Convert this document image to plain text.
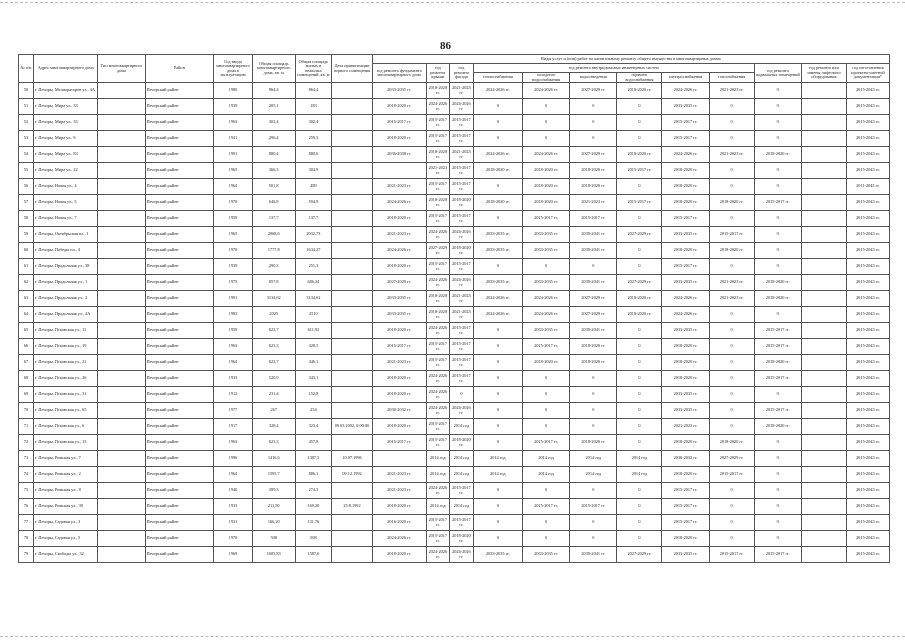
86
№ п/п	Адрес многоквартирного дома	Тип многоквартирного дома	Район	Год ввода многоквартирного дома в эксплуатацию	Общая площадь многоквартирного дома, кв. м	Общая площадь жилых и нежилых помещений, кв. м	Дата приватизации первого помещения	Виды услуг и (или) работ по капитальному ремонту общего имущества в многоквартирных домах											
								год ремонта фундамента многоквартирного дома	год ремонта крыши	год ремонта фасада	год ремонта внутридомовых инженерных систем						год ремонта подвальных помещений	год ремонта или замены лифтового оборудования	год изготовления проектно-сметной документации*
											теплоснабжения	холодного водоснабжения	водоотведения	горячего водоснабжения	электроснабжения	газоснабжения			
50	г. Печоры, Мелиораторов ул., 4А		Печорский район	1980	864,4	864,4		2033-2035 гг.	2018-2020 гг.	2021-2023 гг.	2024-2026 гг.	2024-2026 гг.	2027-2029 гг.	2018-2020 гг.	2024-2026 гг.	2021-2023 гг.	0		2015-2043 гг.
51	г. Печоры, Мира ул., 33		Печорский район	1939	205,1	183		2018-2020 гг.	2024-2026 гг.	2024-2026 гг.	0	0	0	0	2033-2035 гг.	0	0		2015-2043 гг.
52	г. Печоры, Мира ул., 35		Печорский район	1963	302,4	302,4		2015-2017 гг.	2015-2017 гг.	2015-2017 гг.	0	0	0	0	2015-2017 гг.	0	0		2015-2043 гг.
53	г. Печоры, Мира ул., 8		Печорский район	1941	296,4	259,3		2018-2020 гг.	2015-2017 гг.	2015-2017 гг.	0	0	0	0	2015-2017 гг.	0	0		2015-2043 гг.
54	г. Печоры, Мира ул., 83		Печорский район	1981	880,4	880,6		2036-2038 гг.	2018-2020 гг.	2021-2023 гг.	2024-2026 гг.	2024-2026 гг.	2027-2029 гг.	2018-2020 гг.	2024-2026 гг.	2021-2023 гг.	2018-2020 гг.		2015-2043 гг.
55	г. Печоры, Мира ул., 22		Печорский район	1965	366,3	304,9			2021-2023 гг.	2015-2017 гг.	2018-2020 гг.	2018-2020 гг.	2018-2020 гг.	2015-2017 гг.	2018-2020 гг.	0	0		2015-2043 гг.
56	г. Печоры, Новая ул., 4		Печорский район	1964	501,8	489		2021-2023 гг.	2015-2017 гг.	2015-2017 гг.	0	2018-2020 гг.	2018-2020 гг.	0	2018-2020 гг.	0	0		2011-2043 гг.
57	г. Печоры, Новая ул., 5		Печорский район	1970	646,8	594,9		2024-2026 гг.	2018-2020 гг.	2018-2020 гг.	2018-2020 гг.	2018-2020 гг.	2021-2023 гг.	2015-2017 гг.	2018-2020 гг.	2018-2020 гг.	2015-2017 гг.		2015-2043 гг.
58	г. Печоры, Новая ул., 7		Печорский район	1959	137,7	137,7		2018-2020 гг.	2015-2017 гг.	2015-2017 гг.	0	2015-2017 гг.	2015-2017 гг.	0	2015-2017 гг.	0	0		2015-2043 гг.
59	г. Печоры, Октябрьская пл., 1		Печорский район	1965	2068,6	2032,73		2021-2023 гг.	2024-2026 гг.	2024-2026 гг.	2033-2035 гг.	2033-2035 гг.	2039-2041 гг.	2027-2029 гг.	2033-2035 гг.	2015-2017 гг.	0		2015-2043 гг.
60	г. Печоры, Победы пл., 4		Печорский район	1970	1777,8	1634,27		2024-2026 гг.	2027-2029 гг.	2018-2020 гг.	2033-2035 гг.	2033-2035 гг.	2039-2041 гг.	0	2018-2020 гг.	2018-2020 гг.	0		2015-2043 гг.
61	г. Печоры, Продольная ул., 38		Печорский район	1939	290,3	251,3		2018-2020 гг.	2015-2017 гг.	2015-2017 гг.	0	0	0	0	2015-2017 гг.	0	0		2015-2043 гг.
62	г. Печоры, Продольная ул., 1		Печорский район	1975	857,8	686,24		2027-2029 гг.	2024-2026 гг.	2024-2026 гг.	2033-2035 гг.	2033-2035 гг.	2039-2041 гг.	2027-2029 гг.	2033-2035 гг.	2021-2023 гг.	2018-2020 гг.		2015-2043 гг.
63	г. Печоры, Продольная ул., 2		Печорский район	1981	3134,62	3134,62		2033-2035 гг.	2018-2020 гг.	2021-2023 гг.	2024-2026 гг.	2024-2026 гг.	2027-2029 гг.	2018-2020 гг.	2024-2026 гг.	2021-2023 гг.	2018-2020 гг.		2015-2043 гг.
64	г. Печоры, Продольная ул., 4А		Печорский район	1983	2025	2510		2033-2035 гг.	2018-2020 гг.	2021-2023 гг.	2024-2026 гг.	2024-2026 гг.	2027-2029 гг.	2018-2020 гг.	2024-2026 гг.	0	0		2015-2043 гг.
65	г. Печоры, Псковская ул., 11		Печорский район	1959	623,7	611,92		2018-2020 гг.	2024-2026 гг.	2015-2017 гг.	0	2033-2035 гг.	2039-2041 гг.	0	2033-2035 гг.	0	2015-2017 гг.		2015-2043 гг.
66	г. Печоры, Псковская ул., 19		Печорский район	1963	623,3	428,5		2015-2017 гг.	2015-2017 гг.	2015-2017 гг.	0	2015-2017 гг.	2018-2020 гг.	0	2018-2020 гг.	0	2015-2017 гг.		2015-2043 гг.
67	г. Печоры, Псковская ул., 21		Печорский район	1964	623,7	446,1		2021-2023 гг.	2015-2017 гг.	2015-2017 гг.	0	2018-2020 гг.	2018-2020 гг.	0	2018-2020 гг.	0	2018-2020 гг.		2015-2043 гг.
68	г. Печоры, Псковская ул., 26		Печорский район	1933	520,9	343,1		2018-2020 гг.	2024-2026 гг.	2015-2017 гг.	0	0	0	0	2018-2020 гг.	0	2015-2017 гг.		2015-2043 гг.
69	г. Печоры, Псковская ул., 31		Печорский район	1912	231,4	152,8		2018-2020 гг.	2024-2026 гг.	0	0	0	0	0	2033-2035 гг.	0	0		2015-2043 гг.
70	г. Печоры, Псковская ул., 65		Печорский район	1977	267	254		2030-2032 гг.	2024-2026 гг.	2024-2026 гг.	0	0	0	0	2033-2035 гг.	0	2015-2017 гг.		2015-2043 гг.
71	г. Печоры, Псковская ул., 6		Печорский район	1917	328,4	323,4	09.03.2002, 0:00:00	2018-2020 гг.	2015-2017 гг.	2014 год	0	0	0	0	2021-2023 гг.	0	2018-2020 гг.		2015-2043 гг.
72	г. Печоры, Псковская ул., 13		Печорский район	1963	623,3	457,8		2015-2017 гг.	2015-2017 гг.	2018-2020 гг.	0	2015-2017 гг.	2018-2020 гг.	0	2018-2020 гг.	2018-2020 гг.	0		2015-2043 гг.
73	г. Печоры, Рижская ул., 7		Печорский район	1996	1416,6	1307,5	10.07.1996		2014 год	2014 год	2014 год	2014 год	2014 год	2014 год	2030-2032 гг.	2027-2029 гг.	0		2015-2043 гг.
74	г. Печоры, Рижская ул., 2		Печорский район	1964	1595,7	886,1	09.12.1992	2021-2023 гг.	2014 год	2014 год	2014 год	2014 год	2014 год	2014 год	2018-2020 гг.	2015-2017 гг.	0		2015-2043 гг.
75	г. Печоры, Рижская ул., 8		Печорский район	1940	399,3	274,3		2021-2023 гг.	2024-2026 гг.	2015-2017 гг.	0	0	0	0	2015-2017 гг.	0	0		2015-2043 гг.
76	г. Печоры, Рижская ул., 39		Печорский район	1933	211,50	169,20	25.8.1992	2018-2020 гг.	2014 год	2014 год	0	2015-2017 гг.	2015-2017 гг.	0	2015-2017 гг.	0	0		2015-2043 гг.
77	г. Печоры, Садовая ул., 3		Печорский район	1931	166,20	131,76		2016-2020 гг.	2015-2017 гг.	2015-2017 гг.	0	0	0	0	2015-2017 гг.	0	0		2015-2043 гг.
78	г. Печоры, Садовая ул., 5		Печорский район	1970	508	508		2024-2026 гг.	2015-2017 гг.	2018-2020 гг.	0	0	0	0	2018-2020 гг.	0	0		2015-2043 гг.
79	г. Печоры, Свободы ул., 32		Печорский район	1969	1605,83	1587,6		2018-2020 гг.	2024-2026 гг.	2024-2026 гг.	2033-2035 гг.	2033-2035 гг.	2039-2041 гг.	2027-2029 гг.	2033-2035 гг.	2015-2017 гг.	2015-2017 гг.		2015-2043 гг.
